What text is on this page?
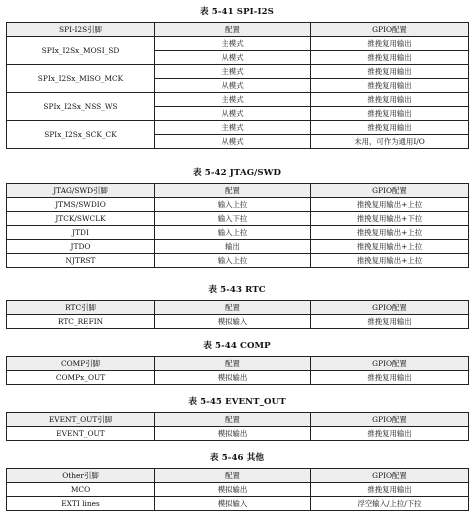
表 5-41 SPI-I2S
SPI-I2S引脚	配置	GPIO配置
SPIx_I2Sx_MOSI_SD	主模式	推挽复用输出
	从模式	推挽复用输出
SPIx_I2Sx_MISO_MCK	主模式	推挽复用输出
	从模式	推挽复用输出
SPIx_I2Sx_NSS_WS	主模式	推挽复用输出
	从模式	推挽复用输出
SPIx_I2Sx_SCK_CK	主模式	推挽复用输出
	从模式	未用，可作为通用I/O
表 5-42 JTAG/SWD
JTAG/SWD引脚	配置	GPIO配置
JTMS/SWDIO	输入上拉	推挽复用输出+上拉
JTCK/SWCLK	输入下拉	推挽复用输出+下拉
JTDI	输入上拉	推挽复用输出+上拉
JTDO	输出	推挽复用输出+上拉
NJTRST	输入上拉	推挽复用输出+上拉
表 5-43 RTC
RTC引脚	配置	GPIO配置
RTC_REFIN	模拟输入	推挽复用输出
表 5-44 COMP
COMP引脚	配置	GPIO配置
COMPx_OUT	模拟输出	推挽复用输出
表 5-45 EVENT_OUT
EVENT_OUT引脚	配置	GPIO配置
EVENT_OUT	模拟输出	推挽复用输出
表 5-46 其他
Other引脚	配置	GPIO配置
MCO	模拟输出	推挽复用输出
EXTI lines	模拟输入	浮空输入/上拉/下拉
